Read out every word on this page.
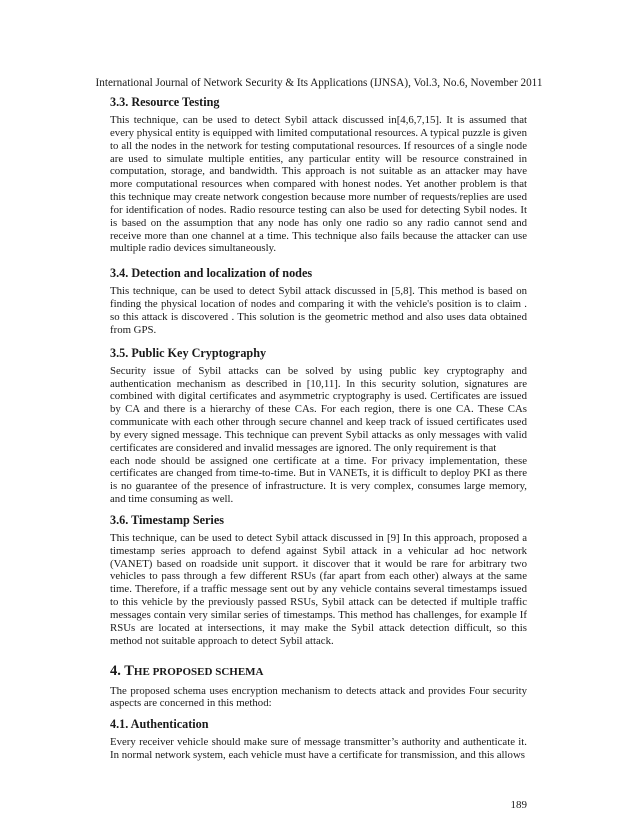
International Journal of Network Security & Its Applications (IJNSA), Vol.3, No.6, November 2011
3.3. Resource Testing

This technique, can be used to detect Sybil attack discussed in[4,6,7,15]. It is assumed that every physical entity is equipped with limited computational resources. A typical puzzle is given to all the nodes in the network for testing computational resources. If resources of a single node are used to simulate multiple entities, any particular entity will be resource constrained in computation, storage, and bandwidth. This approach is not suitable as an attacker may have more computational resources when compared with honest nodes. Yet another problem is that this technique may create network congestion because more number of requests/replies are used for identification of nodes. Radio resource testing can also be used for detecting Sybil nodes. It is based on the assumption that any node has only one radio so any radio cannot send and receive more than one channel at a time. This technique also fails because the attacker can use multiple radio devices simultaneously.

3.4. Detection and localization of nodes

This technique, can be used to detect Sybil attack discussed in [5,8]. This method is based on finding the physical location of nodes and comparing it with the vehicle's position is to claim . so this attack is discovered . This solution is the geometric method and also uses data obtained from GPS.

3.5. Public Key Cryptography

Security issue of Sybil attacks can be solved by using public key cryptography and authentication mechanism as described in [10,11]. In this security solution, signatures are combined with digital certificates and asymmetric cryptography is used. Certificates are issued by CA and there is a hierarchy of these CAs. For each region, there is one CA. These CAs communicate with each other through secure channel and keep track of issued certificates used by every signed message. This technique can prevent Sybil attacks as only messages with valid certificates are considered and invalid messages are ignored. The only requirement is that

each node should be assigned one certificate at a time. For privacy implementation, these certificates are changed from time-to-time. But in VANETs, it is difficult to deploy PKI as there is no guarantee of the presence of infrastructure. It is very complex, consumes large memory, and time consuming as well.

3.6. Timestamp Series

This technique, can be used to detect Sybil attack discussed in [9] In this approach, proposed a timestamp series approach to defend against Sybil attack in a vehicular ad hoc network (VANET) based on roadside unit support. it discover that it would be rare for arbitrary two vehicles to pass through a few different RSUs (far apart from each other) always at the same time. Therefore, if a traffic message sent out by any vehicle contains several timestamps issued to this vehicle by the previously passed RSUs, Sybil attack can be detected if multiple traffic messages contain very similar series of timestamps. This method has challenges, for example If RSUs are located at intersections, it may make the Sybil attack detection difficult, so this method not suitable approach to detect Sybil attack.

4. THE PROPOSED SCHEMA

The proposed schema uses encryption mechanism to detects attack and provides Four security aspects are concerned in this method:

4.1. Authentication

Every receiver vehicle should make sure of message transmitter’s authority and authenticate it. In normal network system, each vehicle must have a certificate for transmission, and this allows

189
